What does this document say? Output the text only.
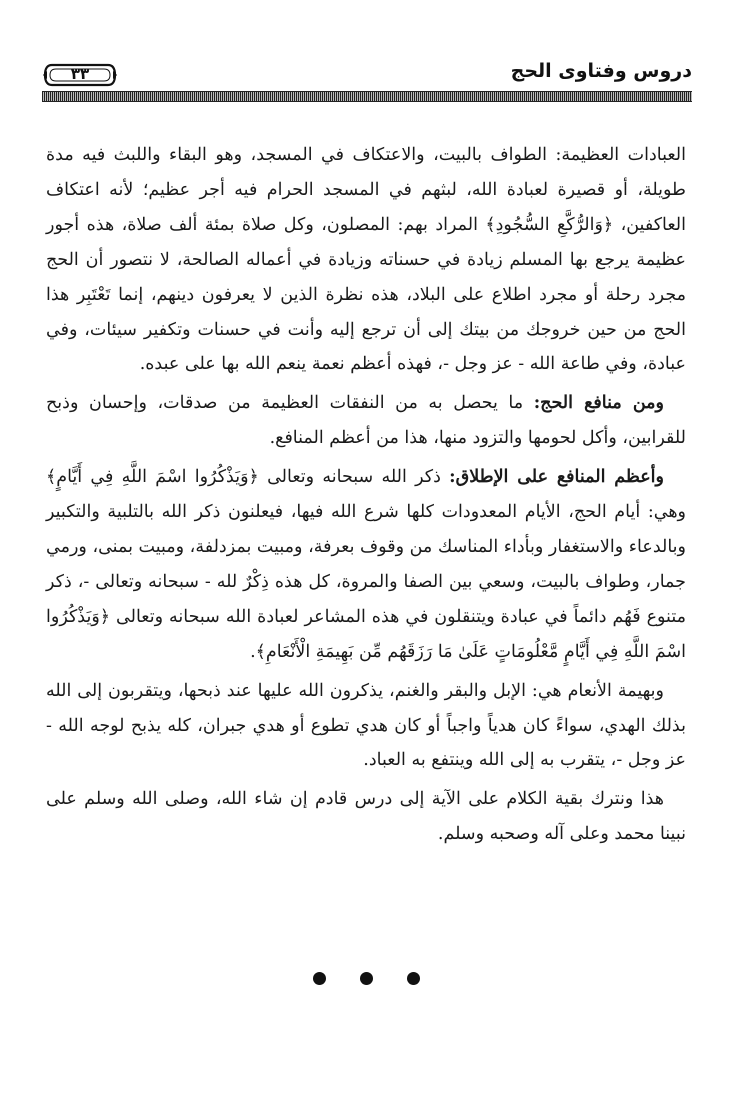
٣٣	دروس وفتاوى الحج

العبادات العظيمة: الطواف بالبيت، والاعتكاف في المسجد، وهو البقاء واللبث فيه مدة طويلة، أو قصيرة لعبادة الله، لبثهم في المسجد الحرام فيه أجر عظيم؛ لأنه اعتكاف العاكفين، ﴿وَالرُّكَّعِ السُّجُودِ﴾ المراد بهم: المصلون، وكل صلاة بمئة ألف صلاة، هذه أجور عظيمة يرجع بها المسلم زيادة في حسناته وزيادة في أعماله الصالحة، لا نتصور أن الحج مجرد رحلة أو مجرد اطلاع على البلاد، هذه نظرة الذين لا يعرفون دينهم، إنما تَعْتَبِر هذا الحج من حين خروجك من بيتك إلى أن ترجع إليه وأنت في حسنات وتكفير سيئات، وفي عبادة، وفي طاعة الله - عز وجل -، فهذه أعظم نعمة ينعم الله بها على عبده.

ومن منافع الحج: ما يحصل به من النفقات العظيمة من صدقات، وإحسان وذبح للقرابين، وأكل لحومها والتزود منها، هذا من أعظم المنافع.

وأعظم المنافع على الإطلاق: ذكر الله سبحانه وتعالى ﴿وَيَذْكُرُوا اسْمَ اللَّهِ فِي أَيَّامٍ﴾ وهي: أيام الحج، الأيام المعدودات كلها شرع الله فيها، فيعلنون ذكر الله بالتلبية والتكبير وبالدعاء والاستغفار وبأداء المناسك من وقوف بعرفة، ومبيت بمزدلفة، ومبيت بمنى، ورمي جمار، وطواف بالبيت، وسعي بين الصفا والمروة، كل هذه ذِكْرٌ لله - سبحانه وتعالى -، ذكر متنوع فَهُم دائماً في عبادة ويتنقلون في هذه المشاعر لعبادة الله سبحانه وتعالى ﴿وَيَذْكُرُوا اسْمَ اللَّهِ فِي أَيَّامٍ مَّعْلُومَاتٍ عَلَىٰ مَا رَزَقَهُم مِّن بَهِيمَةِ الْأَنْعَامِ﴾.

وبهيمة الأنعام هي: الإبل والبقر والغنم، يذكرون الله عليها عند ذبحها، ويتقربون إلى الله بذلك الهدي، سواءً كان هدياً واجباً أو كان هدي تطوع أو هدي جبران، كله يذبح لوجه الله - عز وجل -، يتقرب به إلى الله وينتفع به العباد.

هذا ونترك بقية الكلام على الآية إلى درس قادم إن شاء الله، وصلى الله وسلم على نبينا محمد وعلى آله وصحبه وسلم.
